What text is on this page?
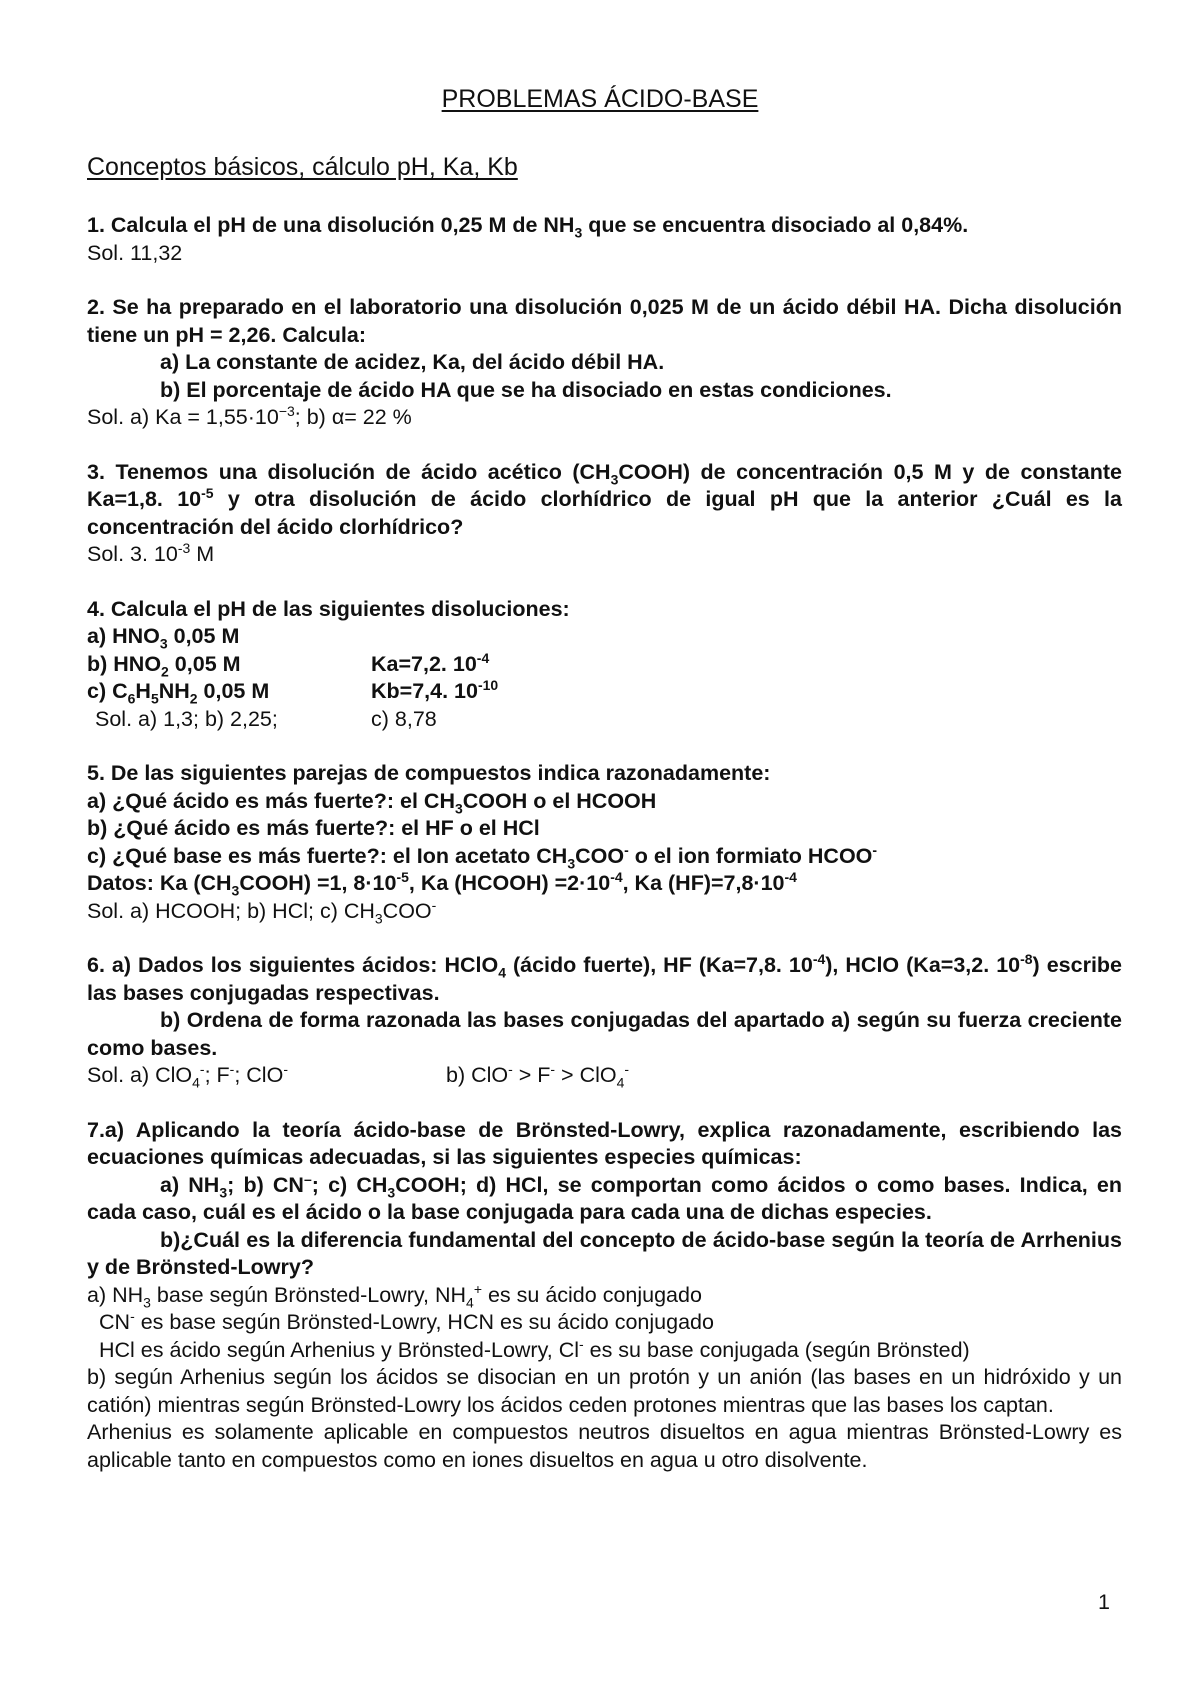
PROBLEMAS ÁCIDO-BASE
Conceptos básicos, cálculo pH, Ka, Kb

1. Calcula el pH de una disolución 0,25 M de $NH_3$ que se encuentra disociado al 0,84%.

Sol. 11,32

2. Se ha preparado en el laboratorio una disolución 0,025 M de un ácido débil HA. Dicha disolución tiene un pH = 2,26. Calcula:

a) La constante de acidez, Ka, del ácido débil HA.

b) El porcentaje de ácido HA que se ha disociado en estas condiciones.

Sol. a) $Ka = 1,55\cdot 10^{-3}$; b) α= 22 %

3. Tenemos una disolución de ácido acético $(CH_3COOH)$ de concentración 0,5 M y de constante Ka=1,8. $10^{-5}$ y otra disolución de ácido clorhídrico de igual pH que la anterior ¿Cuál es la concentración del ácido clorhídrico?

Sol. 3. $10^{-3}$ M

4. Calcula el pH de las siguientes disoluciones:

a) $HNO_3$ 0,05 M

b) $HNO_2$ 0,05 M	Ka=7,2. $10^{-4}$
c) $C_6H_5NH_2$ 0,05 M	Kb=7,4. $10^{-10}$
Sol. a) 1,3; b) 2,25;	c) 8,78

5. De las siguientes parejas de compuestos indica razonadamente:

a) ¿Qué ácido es más fuerte?: el $CH_3COOH$ o el HCOOH

b) ¿Qué ácido es más fuerte?: el HF o el HCl

c) ¿Qué base es más fuerte?: el Ion acetato $CH_3COO^-$ o el ion formiato HCOO-

Datos: Ka $(CH_3COOH) =1$, $8\cdot 10^{-5}$, Ka (HCOOH) $=2\cdot 10^{-4}$, Ka $(HF)=7,8\cdot 10^{-4}$

Sol. a) HCOOH; b) HCl; c) $CH_3COO^-$

6. a) Dados los siguientes ácidos: HClO$_4$ (ácido fuerte), HF (Ka=7,8. $10^{-4}$), HClO (Ka=3,2. $10^{-8}$) escribe las bases conjugadas respectivas.

b) Ordena de forma razonada las bases conjugadas del apartado a) según su fuerza creciente como bases.

Sol. a) ClO$_4$-; F-; ClO-	b) ClO- > F- > ClO$_4$-

7.a) Aplicando la teoría ácido-base de Brönsted-Lowry, explica razonadamente, escribiendo las ecuaciones químicas adecuadas, si las siguientes especies químicas:

a) $NH_3$; b) CN–; c) $CH_3COOH$; d) HCl, se comportan como ácidos o como bases. Indica, en cada caso, cuál es el ácido o la base conjugada para cada una de dichas especies.

b)¿Cuál es la diferencia fundamental del concepto de ácido-base según la teoría de Arrhenius y de Brönsted-Lowry?

a) $NH_3$ base según Brönsted-Lowry, $NH_4^+$ es su ácido conjugado

CN- es base según Brönsted-Lowry, HCN es su ácido conjugado

HCl es ácido según Arhenius y Brönsted-Lowry, Cl- es su base conjugada (según Brönsted)

b) según Arhenius según los ácidos se disocian en un protón y un anión (las bases en un hidróxido y un catión) mientras según Brönsted-Lowry los ácidos ceden protones mientras que las bases los captan.

Arhenius es solamente aplicable en compuestos neutros disueltos en agua mientras Brönsted-Lowry es aplicable tanto en compuestos como en iones disueltos en agua u otro disolvente.

1
